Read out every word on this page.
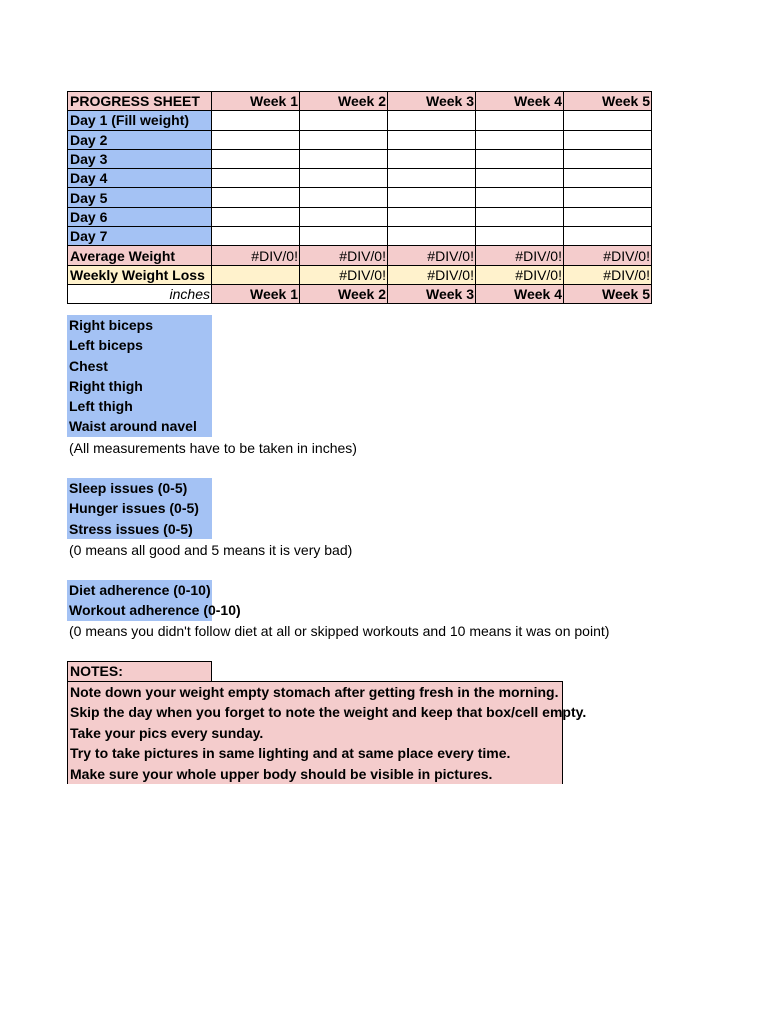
PROGRESS SHEET	Week 1	Week 2	Week 3	Week 4	Week 5
Day 1 (Fill weight)					
Day 2					
Day 3					
Day 4					
Day 5					
Day 6					
Day 7					
Average Weight	#DIV/0!	#DIV/0!	#DIV/0!	#DIV/0!	#DIV/0!
Weekly Weight Loss		#DIV/0!	#DIV/0!	#DIV/0!	#DIV/0!
inches	Week 1	Week 2	Week 3	Week 4	Week 5
Right biceps
Left biceps
Chest
Right thigh
Left thigh
Waist around navel
(All measurements have to be taken in inches)
Sleep issues (0-5)
Hunger issues (0-5)
Stress issues (0-5)
(0 means all good and 5 means it is very bad)
Diet adherence (0-10)
Workout adherence (0-10)
(0 means you didn't follow diet at all or skipped workouts and 10 means it was on point)
NOTES:
Note down your weight empty stomach after getting fresh in the morning.
Skip the day when you forget to note the weight and keep that box/cell empty.
Take your pics every sunday.
Try to take pictures in same lighting and at same place every time.
Make sure your whole upper body should be visible in pictures.
